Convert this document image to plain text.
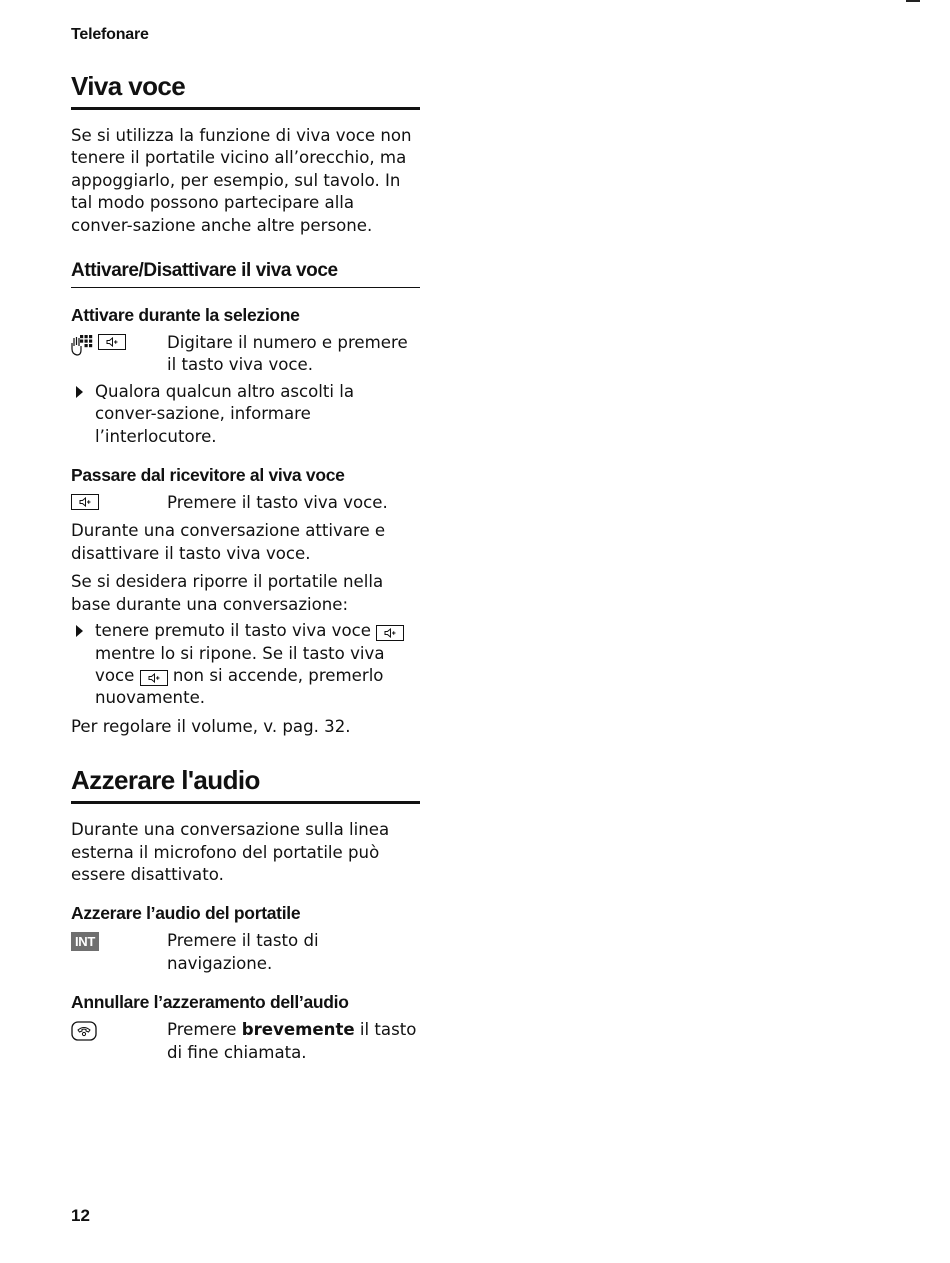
Telefonare
Viva voce

Se si utilizza la funzione di viva voce non tenere il portatile vicino all’orecchio, ma appoggiarlo, per esempio, sul tavolo. In tal modo possono partecipare alla conver-sazione anche altre persone.

Attivare/Disattivare il viva voce
Attivare durante la selezione
Digitare il numero e premere il tasto viva voce.
Qualora qualcun altro ascolti la conver-sazione, informare l’interlocutore.
Passare dal ricevitore al viva voce
Premere il tasto viva voce.

Durante una conversazione attivare e disattivare il tasto viva voce.

Se si desidera riporre il portatile nella base durante una conversazione:

tenere premuto il tasto viva voce
mentre lo si ripone. Se il tasto viva voce non si accende, premerlo nuovamente.

Per regolare il volume, v. pag. 32.

Azzerare l'audio

Durante una conversazione sulla linea esterna il microfono del portatile può essere disattivato.

Azzerare l’audio del portatile
INT	Premere il tasto di navigazione.
Annullare l’azzeramento dell’audio
Premere brevemente il tasto di fine chiamata.
12
